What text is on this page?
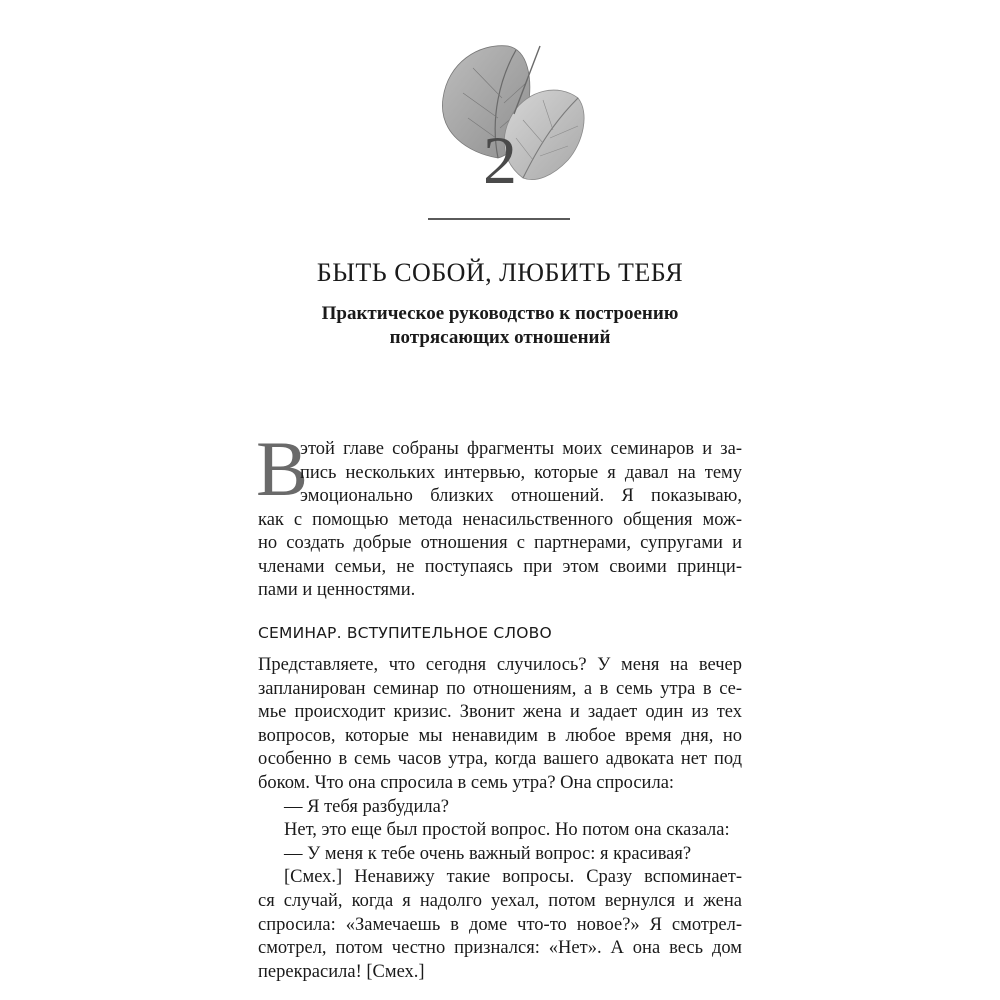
2
БЫТЬ СОБОЙ, ЛЮБИТЬ ТЕБЯ
Практическое руководство к построению
потрясающих отношений
В
этой главе собраны фрагменты моих семинаров и за-
пись нескольких интервью, которые я давал на тему
эмоционально близких отношений. Я показываю,
как с помощью метода ненасильственного общения мож-
но создать добрые отношения с партнерами, супругами и
членами семьи, не поступаясь при этом своими принци-
пами и ценностями.
СЕМИНАР. ВСТУПИТЕЛЬНОЕ СЛОВО
Представляете, что сегодня случилось? У меня на вечер
запланирован семинар по отношениям, а в семь утра в се-
мье происходит кризис. Звонит жена и задает один из тех
вопросов, которые мы ненавидим в любое время дня, но
особенно в семь часов утра, когда вашего адвоката нет под
боком. Что она спросила в семь утра? Она спросила:
— Я тебя разбудила?
Нет, это еще был простой вопрос. Но потом она сказала:
— У меня к тебе очень важный вопрос: я красивая?
[Смех.] Ненавижу такие вопросы. Сразу вспоминает-
ся случай, когда я надолго уехал, потом вернулся и жена
спросила: «Замечаешь в доме что-то новое?» Я смотрел-
смотрел, потом честно признался: «Нет». А она весь дом
перекрасила! [Смех.]
